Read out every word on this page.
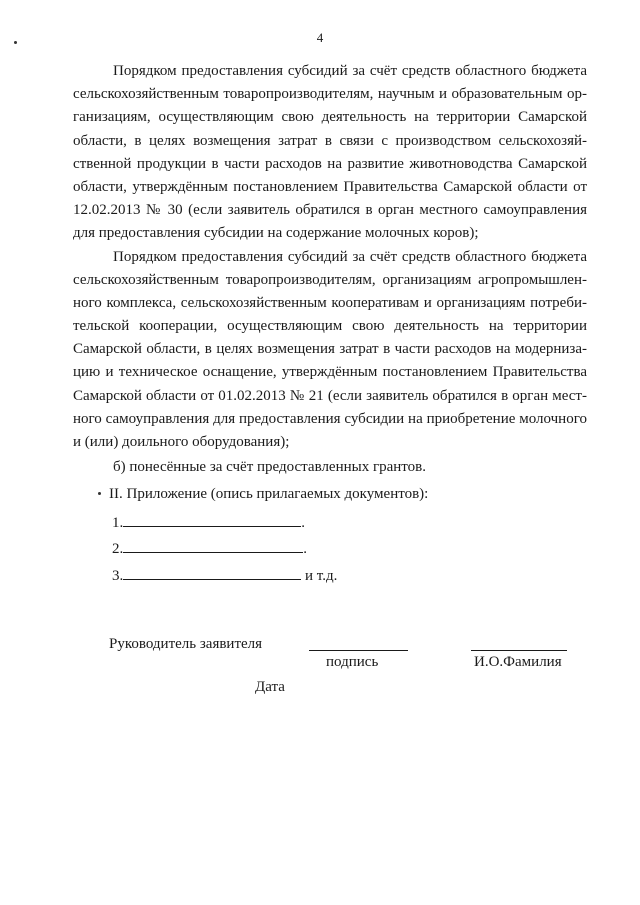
4
Порядком предоставления субсидий за счёт средств областного бюджета
сельскохозяйственным товаропроизводителям, научным и образовательным ор-
ганизациям, осуществляющим свою деятельность на территории Самарской
области, в целях возмещения затрат в связи с производством сельскохозяй-
ственной продукции в части расходов на развитие животноводства Самарской
области, утверждённым постановлением Правительства Самарской области от
12.02.2013 № 30 (если заявитель обратился в орган местного самоуправления
для предоставления субсидии на содержание молочных коров);
Порядком предоставления субсидий за счёт средств областного бюджета
сельскохозяйственным товаропроизводителям, организациям агропромышлен-
ного комплекса, сельскохозяйственным кооперативам и организациям потреби-
тельской кооперации, осуществляющим свою деятельность на территории
Самарской области, в целях возмещения затрат в части расходов на модерниза-
цию и техническое оснащение, утверждённым постановлением Правительства
Самарской области от 01.02.2013 № 21 (если заявитель обратился в орган мест-
ного самоуправления для предоставления субсидии на приобретение молочного
и (или) доильного оборудования);
б) понесённые за счёт предоставленных грантов.
II. Приложение (опись прилагаемых документов):
1.	.
2.	.
3.	и т.д.
Руководитель заявителя
подпись	И.О.Фамилия
Дата
